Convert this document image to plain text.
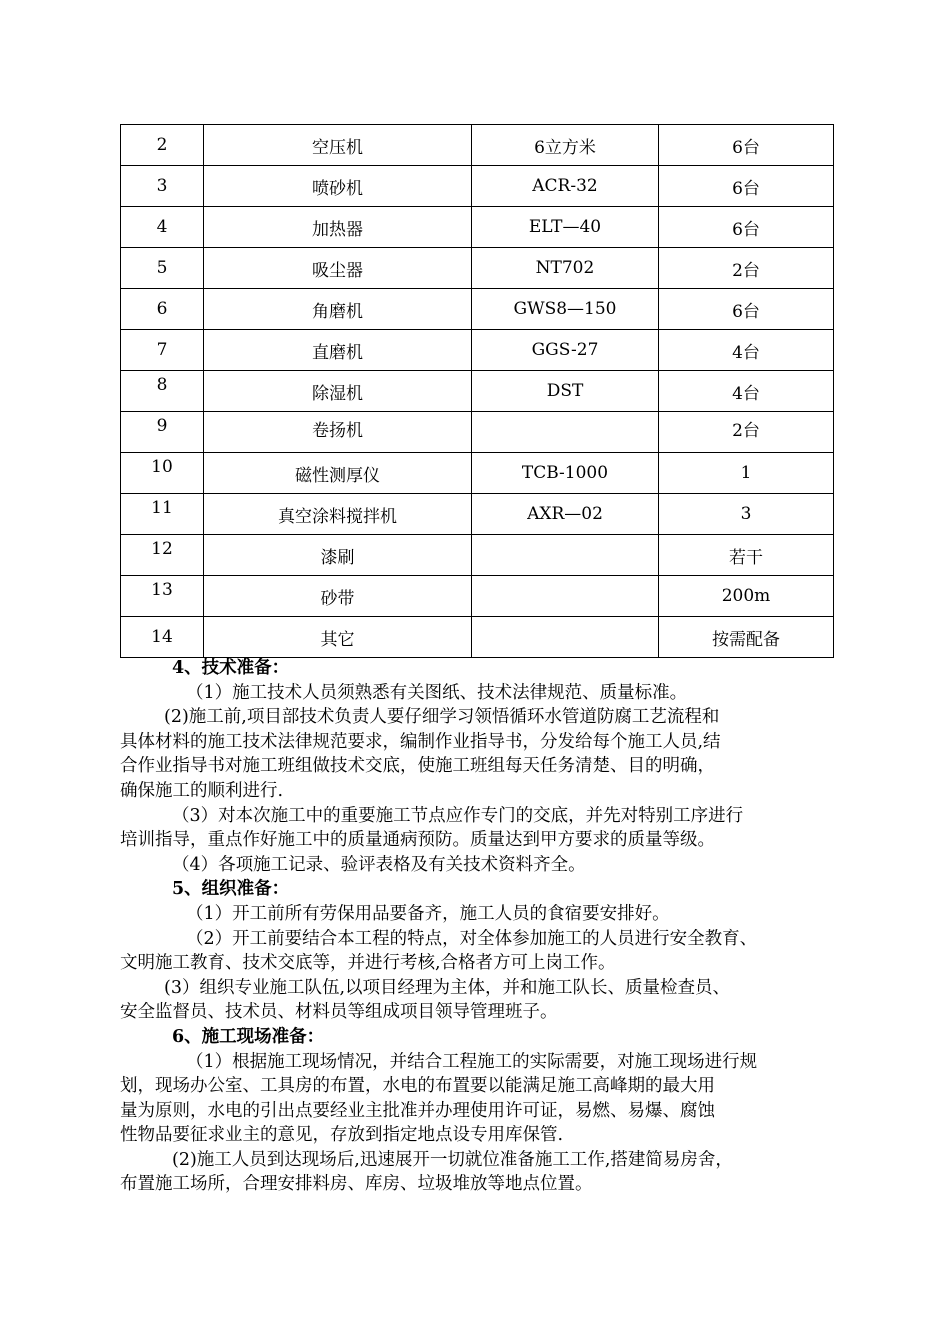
2	空压机	6立方米	6台
3	喷砂机	ACR-32	6台
4	加热器	ELT—40	6台
5	吸尘器	NT702	2台
6	角磨机	GWS8—150	6台
7	直磨机	GGS-27	4台
8	除湿机	DST	4台
9	卷扬机		2台
10	磁性测厚仪	TCB-1000	1
11	真空涂料搅拌机	AXR—02	3
12	漆刷		若干
13	砂带		200m
14	其它		按需配备

4、技术准备：

（1）施工技术人员须熟悉有关图纸、技术法律规范、质量标准。

(2)施工前,项目部技术负责人要仔细学习领悟循环水管道防腐工艺流程和

具体材料的施工技术法律规范要求，编制作业指导书，分发给每个施工人员,结

合作业指导书对施工班组做技术交底，使施工班组每天任务清楚、目的明确，

确保施工的顺利进行.

（3）对本次施工中的重要施工节点应作专门的交底，并先对特别工序进行

培训指导，重点作好施工中的质量通病预防。质量达到甲方要求的质量等级。

（4）各项施工记录、验评表格及有关技术资料齐全。

5、组织准备：

（1）开工前所有劳保用品要备齐，施工人员的食宿要安排好。

（2）开工前要结合本工程的特点，对全体参加施工的人员进行安全教育、

文明施工教育、技术交底等，并进行考核,合格者方可上岗工作。

(3）组织专业施工队伍,以项目经理为主体，并和施工队长、质量检查员、

安全监督员、技术员、材料员等组成项目领导管理班子。

6、施工现场准备：

（1）根据施工现场情况，并结合工程施工的实际需要，对施工现场进行规

划，现场办公室、工具房的布置，水电的布置要以能满足施工高峰期的最大用

量为原则，水电的引出点要经业主批准并办理使用许可证，易燃、易爆、腐蚀

性物品要征求业主的意见，存放到指定地点设专用库保管.

(2)施工人员到达现场后,迅速展开一切就位准备施工工作,搭建简易房舍，

布置施工场所，合理安排料房、库房、垃圾堆放等地点位置。
